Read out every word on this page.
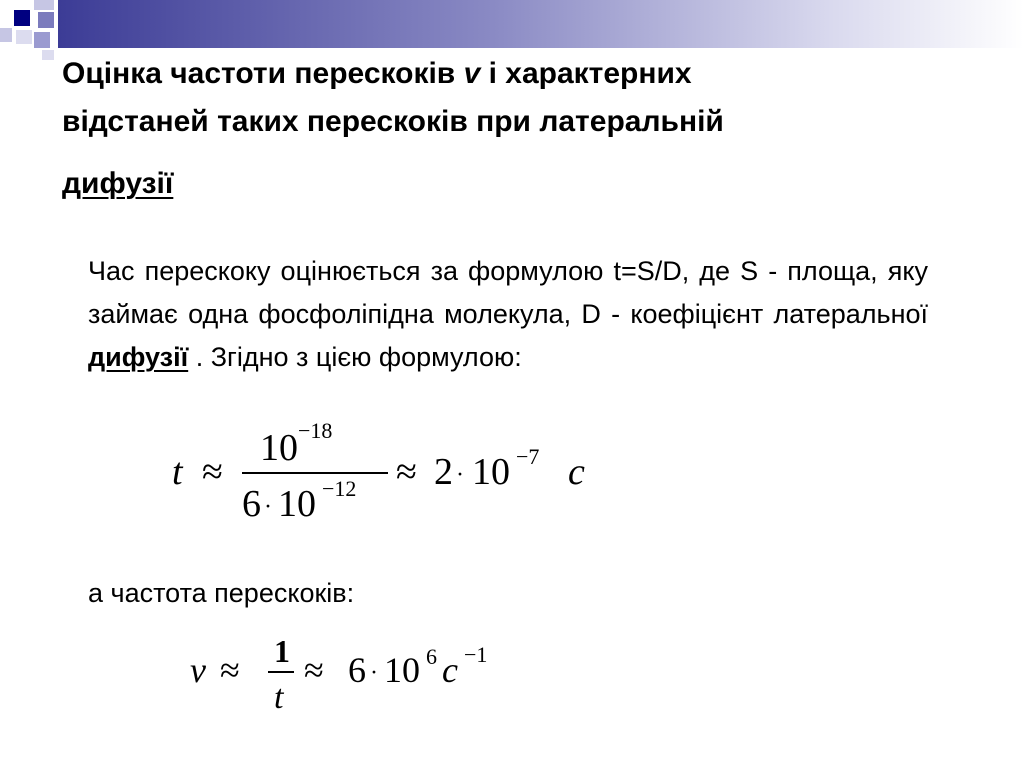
Оцінка частоти перескоків v і характерних
відстаней таких перескоків при латеральній
дифузії

Час перескоку оцінюється за формулою t=S/D, де S - площа, яку займає одна фосфоліпідна молекула, D - коефіцієнт латеральної дифузії . Згідно з цією формулою:

t ≈
10 −18
6 · 10 −12 ≈ 2 · 10 −7 c

а частота перескоків:

ν ≈ 1
t
≈ 6 · 10 6 c −1
